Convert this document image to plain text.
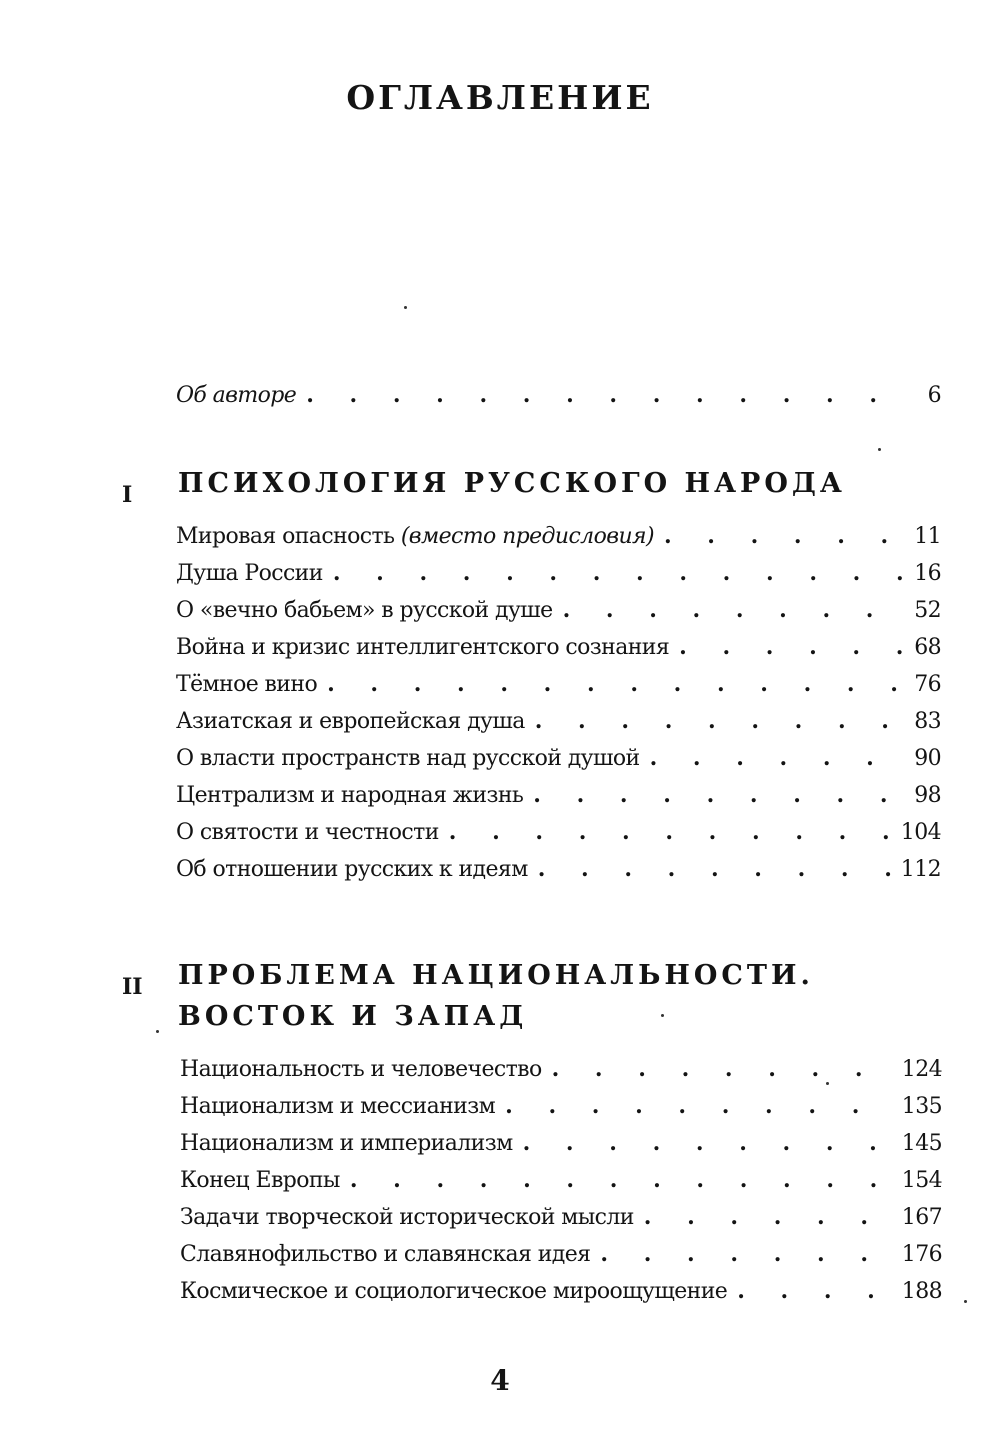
ОГЛАВЛЕНИЕ
Об авторе . . .	6
I ПСИХОЛОГИЯ РУССКОГО НАРОДА
Мировая опасность (вместо предисловия) . . .	11
Душа России . . .	16
О «вечно бабьем» в русской душе . . .	52
Война и кризис интеллигентского сознания . . .	68
Тёмное вино . . .	76
Азиатская и европейская душа . . .	83
О власти пространств над русской душой . . .	90
Централизм и народная жизнь . . .	98
О святости и честности . . .	104
Об отношении русских к идеям . . .	112
II ПРОБЛЕМА НАЦИОНАЛЬНОСТИ.
ВОСТОК И ЗАПАД
Национальность и человечество . . .	124
Национализм и мессианизм . . .	135
Национализм и империализм . . .	145
Конец Европы . . .	154
Задачи творческой исторической мысли . . .	167
Славянофильство и славянская идея . . .	176
Космическое и социологическое мироощущение . . .	188
4
